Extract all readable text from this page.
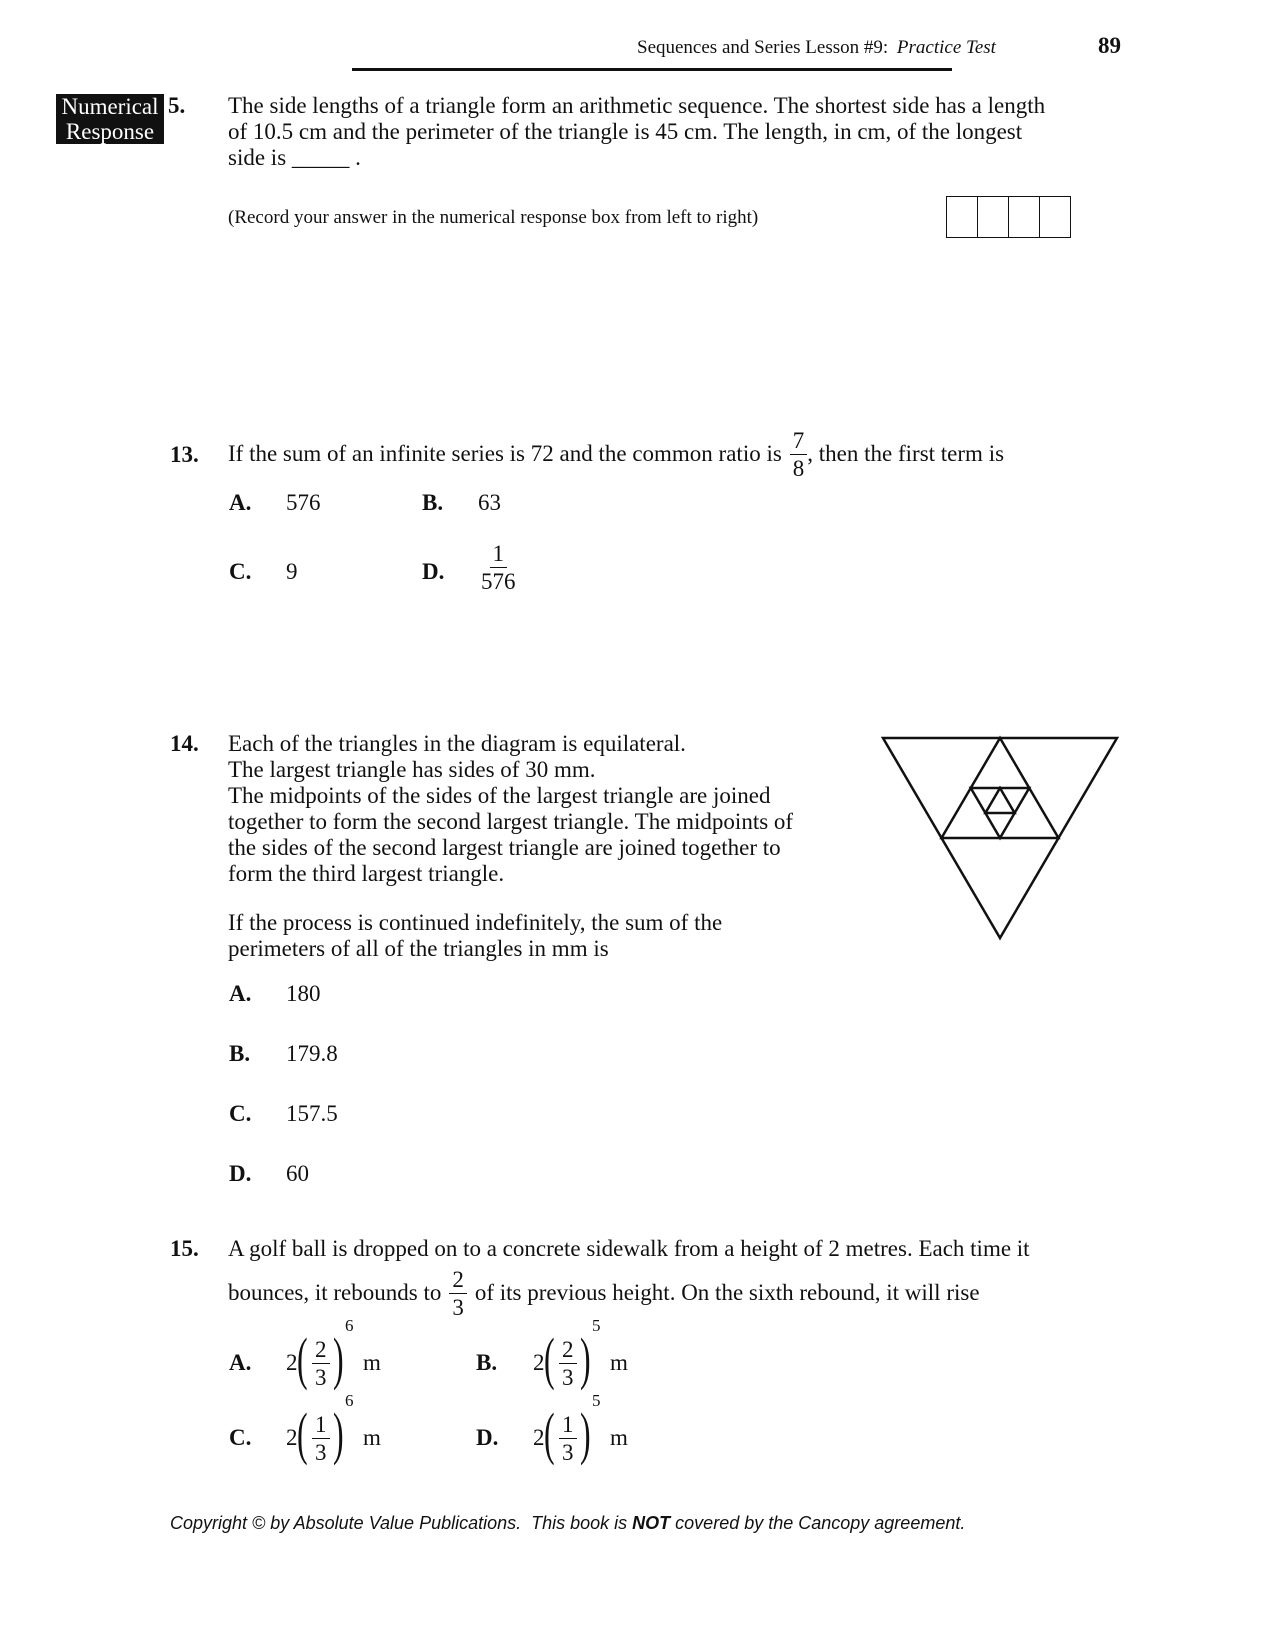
Sequences and Series Lesson #9: Practice Test	89
Numerical
Response
5. The side lengths of a triangle form an arithmetic sequence. The shortest side has a length
of 10.5 cm and the perimeter of the triangle is 45 cm. The length, in cm, of the longest
side is _____ .
(Record your answer in the numerical response box from left to right)
13. If the sum of an infinite series is 72 and the common ratio is $\frac{7}{8}$ , then the first term is
A. 576	B. 63
C. 9	D. $\frac{1}{576}$
14. Each of the triangles in the diagram is equilateral.
The largest triangle has sides of 30 mm.
The midpoints of the sides of the largest triangle are joined
together to form the second largest triangle. The midpoints of
the sides of the second largest triangle are joined together to
form the third largest triangle.
If the process is continued indefinitely, the sum of the
perimeters of all of the triangles in mm is
A. 180
B. 179.8
C. 157.5
D. 60
15. A golf ball is dropped on to a concrete sidewalk from a height of 2 metres. Each time it
bounces, it rebounds to $\frac{2}{3}$ of its previous height. On the sixth rebound, it will rise
A. 2 ( $\frac{2}{3}$ )
6
m	B. 2 ( $\frac{2}{3}$ )
5
m
C. 2 ( $\frac{1}{3}$ )
6
m	D. 2 ( $\frac{1}{3}$ )
5
m
Copyright © by Absolute Value Publications.  This book is NOT covered by the Cancopy agreement.
